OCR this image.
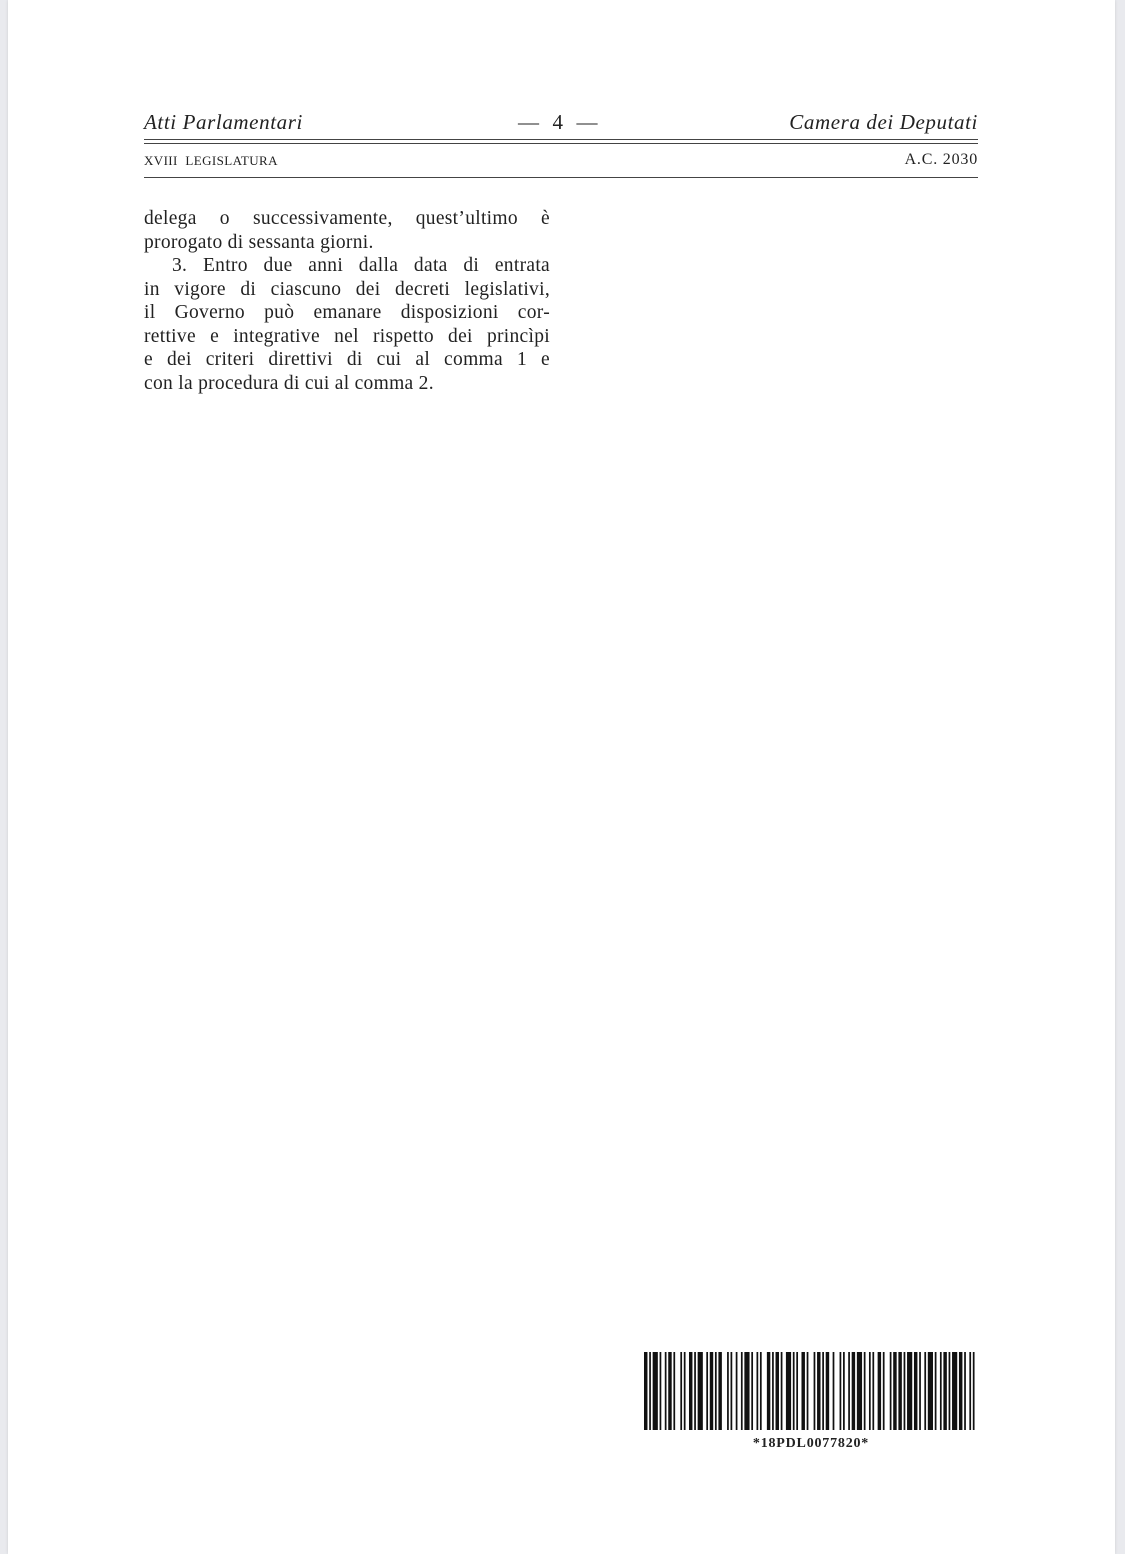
Atti Parlamentari	—  4  —	Camera dei Deputati
XVIII LEGISLATURA	A.C. 2030

delega o successivamente, quest’ultimo è

prorogato di sessanta giorni.

3. Entro due anni dalla data di entrata

in vigore di ciascuno dei decreti legislativi,

il Governo può emanare disposizioni cor-

rettive e integrative nel rispetto dei princìpi

e dei criteri direttivi di cui al comma 1 e

con la procedura di cui al comma 2.

*18PDL0077820*
